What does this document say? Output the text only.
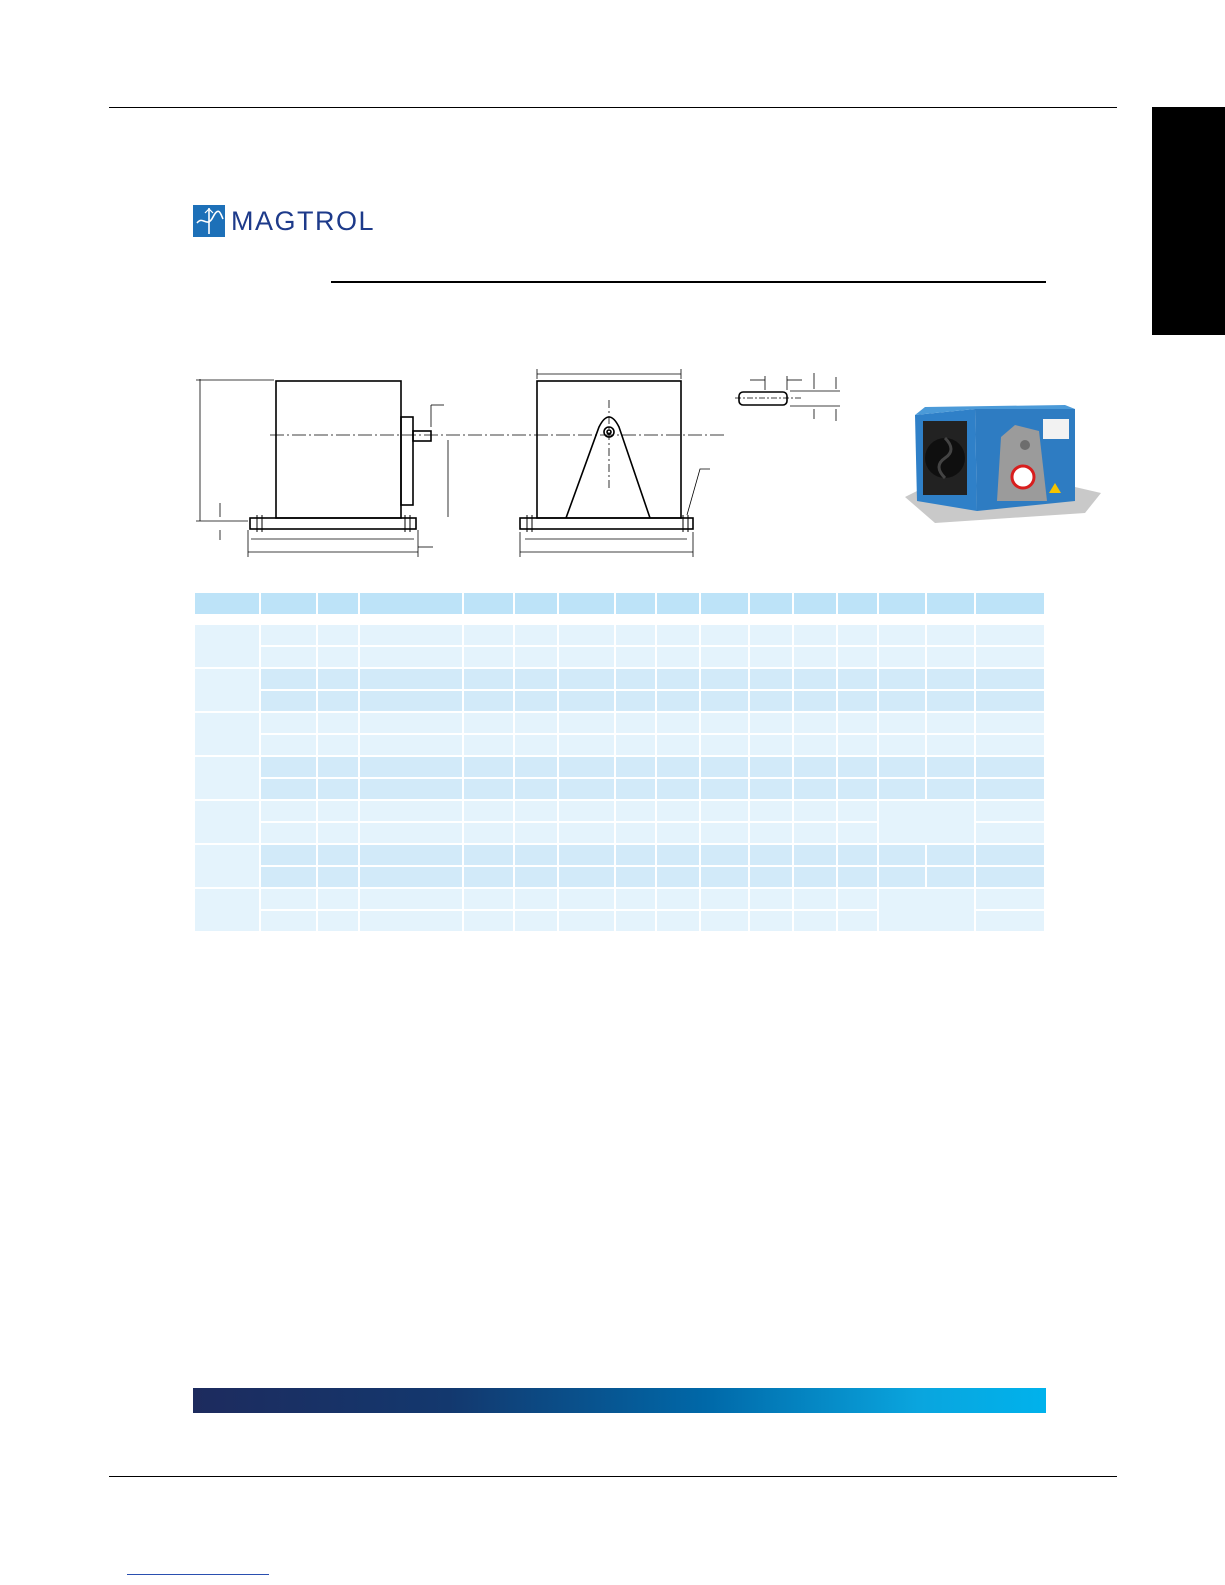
MAGTROL
